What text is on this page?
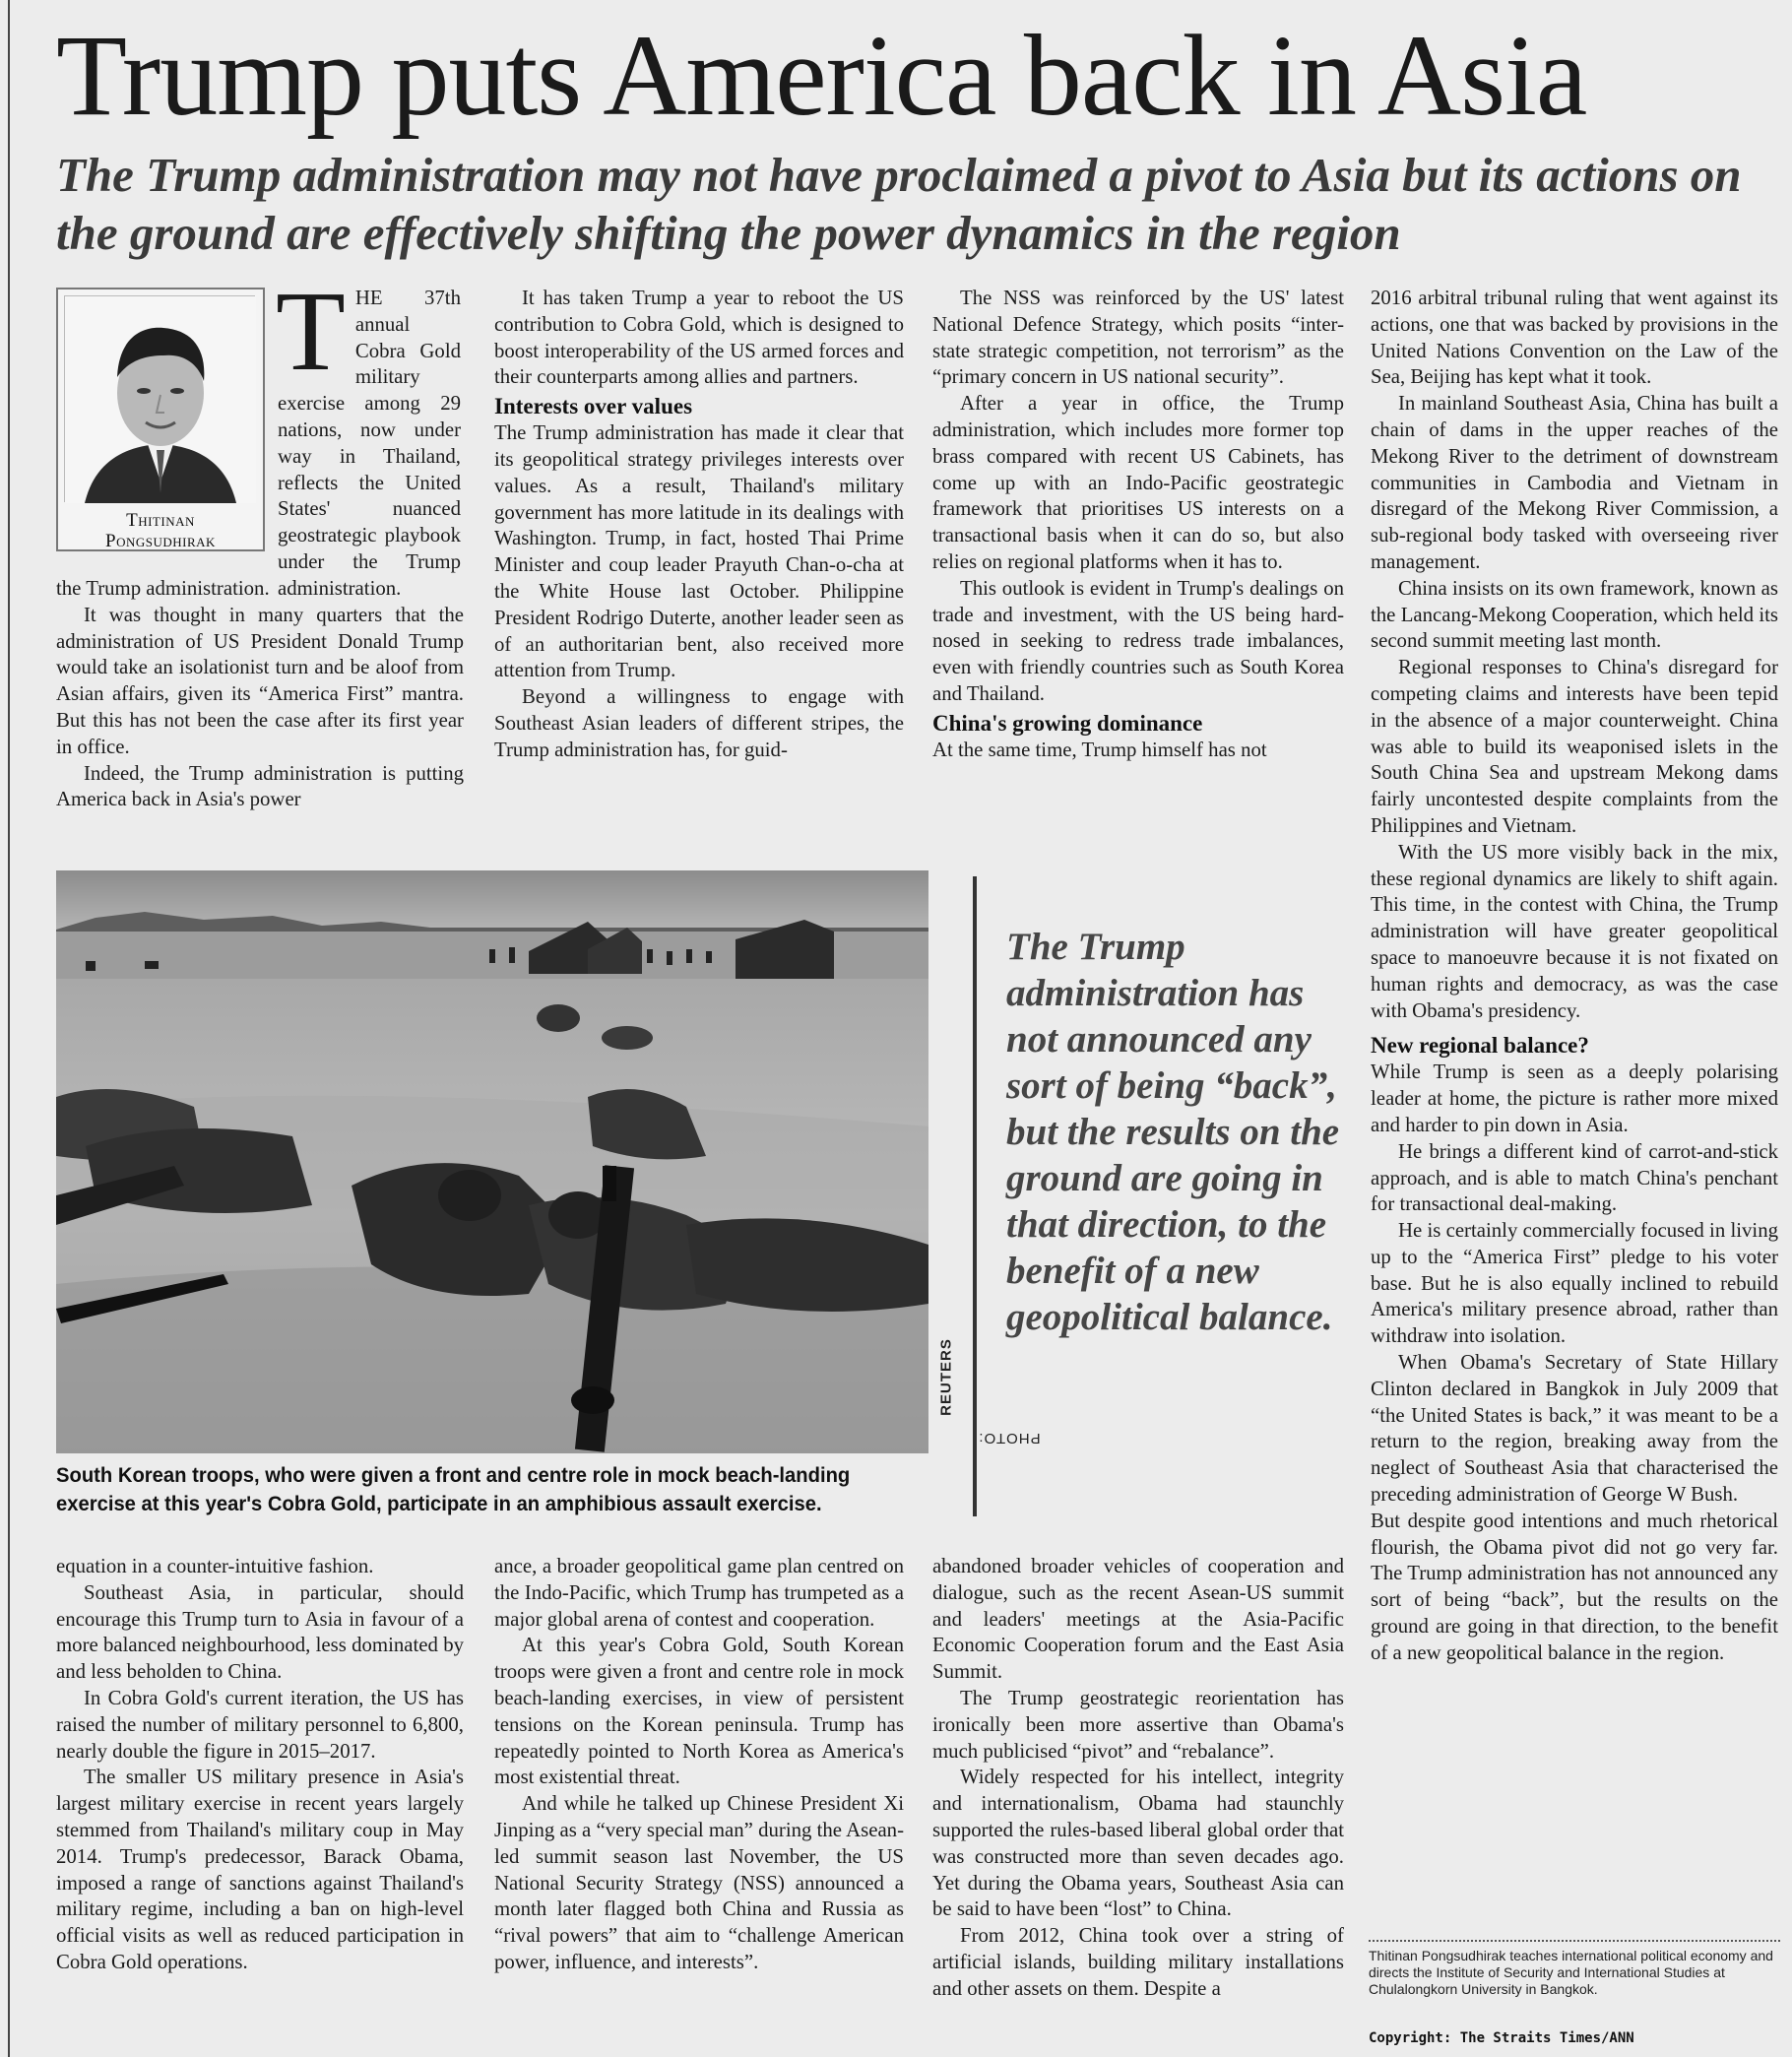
Trump puts America back in Asia
The Trump administration may not have proclaimed a pivot to Asia but its actions on the ground are effectively shifting the power dynamics in the region
Thitinan
Pongsudhirak

THE 37th annual Cobra Gold military exercise among 29 nations, now under way in Thailand, reflects the United States' nuanced geostrategic playbook under the Trump administration.

the Trump administration.

It was thought in many quarters that the administration of US President Donald Trump would take an isolationist turn and be aloof from Asian affairs, given its “America First” mantra. But this has not been the case after its first year in office.

Indeed, the Trump administration is putting America back in Asia's power

It has taken Trump a year to reboot the US contribution to Cobra Gold, which is designed to boost interoperability of the US armed forces and their counterparts among allies and partners.

Interests over values

The Trump administration has made it clear that its geopolitical strategy privileges interests over values. As a result, Thailand's military government has more latitude in its dealings with Washington. Trump, in fact, hosted Thai Prime Minister and coup leader Prayuth Chan-o-cha at the White House last October. Philippine President Rodrigo Duterte, another leader seen as of an authoritarian bent, also received more attention from Trump.

Beyond a willingness to engage with Southeast Asian leaders of different stripes, the Trump administration has, for guid-

The NSS was reinforced by the US' latest National Defence Strategy, which posits “inter-state strategic competition, not terrorism” as the “primary concern in US national security”.

After a year in office, the Trump administration, which includes more former top brass compared with recent US Cabinets, has come up with an Indo-Pacific geostrategic framework that prioritises US interests on a transactional basis when it can do so, but also relies on regional platforms when it has to.

This outlook is evident in Trump's dealings on trade and investment, with the US being hard-nosed in seeking to redress trade imbalances, even with friendly countries such as South Korea and Thailand.

China's growing dominance

At the same time, Trump himself has not

2016 arbitral tribunal ruling that went against its actions, one that was backed by provisions in the United Nations Convention on the Law of the Sea, Beijing has kept what it took.

In mainland Southeast Asia, China has built a chain of dams in the upper reaches of the Mekong River to the detriment of downstream communities in Cambodia and Vietnam in disregard of the Mekong River Commission, a sub-regional body tasked with overseeing river management.

China insists on its own framework, known as the Lancang-Mekong Cooperation, which held its second summit meeting last month.

Regional responses to China's disregard for competing claims and interests have been tepid in the absence of a major counterweight. China was able to build its weaponised islets in the South China Sea and upstream Mekong dams fairly uncontested despite complaints from the Philippines and Vietnam.

With the US more visibly back in the mix, these regional dynamics are likely to shift again. This time, in the contest with China, the Trump administration will have greater geopolitical space to manoeuvre because it is not fixated on human rights and democracy, as was the case with Obama's presidency.

New regional balance?

While Trump is seen as a deeply polarising leader at home, the picture is rather more mixed and harder to pin down in Asia.

He brings a different kind of carrot-and-stick approach, and is able to match China's penchant for transactional deal-making.

He is certainly commercially focused in living up to the “America First” pledge to his voter base. But he is also equally inclined to rebuild America's military presence abroad, rather than withdraw into isolation.

When Obama's Secretary of State Hillary Clinton declared in Bangkok in July 2009 that “the United States is back,” it was meant to be a return to the region, breaking away from the neglect of Southeast Asia that characterised the preceding administration of George W Bush.

But despite good intentions and much rhetorical flourish, the Obama pivot did not go very far. The Trump administration has not announced any sort of being “back”, but the results on the ground are going in that direction, to the benefit of a new geopolitical balance in the region.

PHOTO:
REUTERS
South Korean troops, who were given a front and centre role in mock beach-landing exercise at this year's Cobra Gold, participate in an amphibious assault exercise.
The Trump administration has not announced any sort of being “back”, but the results on the ground are going in that direction, to the benefit of a new geopolitical balance.

equation in a counter-intuitive fashion.

Southeast Asia, in particular, should encourage this Trump turn to Asia in favour of a more balanced neighbourhood, less dominated by and less beholden to China.

In Cobra Gold's current iteration, the US has raised the number of military personnel to 6,800, nearly double the figure in 2015–2017.

The smaller US military presence in Asia's largest military exercise in recent years largely stemmed from Thailand's military coup in May 2014. Trump's predecessor, Barack Obama, imposed a range of sanctions against Thailand's military regime, including a ban on high-level official visits as well as reduced participation in Cobra Gold operations.

ance, a broader geopolitical game plan centred on the Indo-Pacific, which Trump has trumpeted as a major global arena of contest and cooperation.

At this year's Cobra Gold, South Korean troops were given a front and centre role in mock beach-landing exercises, in view of persistent tensions on the Korean peninsula. Trump has repeatedly pointed to North Korea as America's most existential threat.

And while he talked up Chinese President Xi Jinping as a “very special man” during the Asean-led summit season last November, the US National Security Strategy (NSS) announced a month later flagged both China and Russia as “rival powers” that aim to “challenge American power, influence, and interests”.

abandoned broader vehicles of cooperation and dialogue, such as the recent Asean-US summit and leaders' meetings at the Asia-Pacific Economic Cooperation forum and the East Asia Summit.

The Trump geostrategic reorientation has ironically been more assertive than Obama's much publicised “pivot” and “rebalance”.

Widely respected for his intellect, integrity and internationalism, Obama had staunchly supported the rules-based liberal global order that was constructed more than seven decades ago. Yet during the Obama years, Southeast Asia can be said to have been “lost” to China.

From 2012, China took over a string of artificial islands, building military installations and other assets on them. Despite a

Thitinan Pongsudhirak teaches international political economy and directs the Institute of Security and International Studies at Chulalongkorn University in Bangkok.
Copyright: The Straits Times/ANN
